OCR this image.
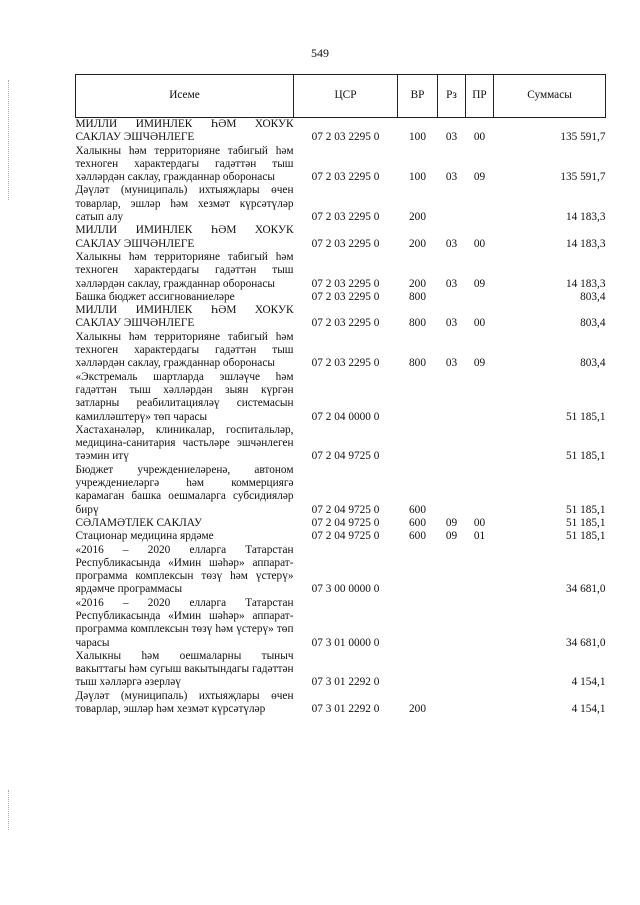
549
Исеме	ЦСР	ВР	Рз	ПР	Суммасы

МИЛЛИ ИМИНЛЕК ҺӘМ ХОКУК САКЛАУ ЭШЧӘНЛЕГЕ	07 2 03 2295 0	100	03	00	135 591,7

Халыкны һәм территорияне табигый һәм техноген характердагы гадәттән тыш хәлләрдән саклау, гражданнар оборонасы	07 2 03 2295 0	100	03	09	135 591,7

Дәүләт (муниципаль) ихтыяҗлары өчен товарлар, эшләр һәм хезмәт күрсәтүләр сатып алу	07 2 03 2295 0	200			14 183,3

МИЛЛИ ИМИНЛЕК ҺӘМ ХОКУК САКЛАУ ЭШЧӘНЛЕГЕ	07 2 03 2295 0	200	03	00	14 183,3

Халыкны һәм территорияне табигый һәм техноген характердагы гадәттән тыш хәлләрдән саклау, гражданнар оборонасы	07 2 03 2295 0	200	03	09	14 183,3

Башка бюджет ассигнованиеләре	07 2 03 2295 0	800			803,4

МИЛЛИ ИМИНЛЕК ҺӘМ ХОКУК САКЛАУ ЭШЧӘНЛЕГЕ	07 2 03 2295 0	800	03	00	803,4

Халыкны һәм территорияне табигый һәм техноген характердагы гадәттән тыш хәлләрдән саклау, гражданнар оборонасы	07 2 03 2295 0	800	03	09	803,4

«Экстремаль шартларда эшләүче һәм гадәттән тыш хәлләрдән зыян күргән затларны реабилитацияләү системасын камилләштерү» төп чарасы	07 2 04 0000 0				51 185,1

Хастаханәләр, клиникалар, госпитальләр, медицина-санитария частьләре эшчәнлеген тәэмин итү	07 2 04 9725 0				51 185,1

Бюджет учреждениеләренә, автоном учреждениеләргә һәм коммерциягә карамаган башка оешмаларга субсидияләр бирү	07 2 04 9725 0	600			51 185,1

СӘЛАМӘТЛЕК САКЛАУ	07 2 04 9725 0	600	09	00	51 185,1

Стационар медицина ярдәме	07 2 04 9725 0	600	09	01	51 185,1

«2016 – 2020 елларга Татарстан Республикасында «Имин шәһәр» аппарат-программа комплексын төзү һәм үстерү» ярдәмче программасы	07 3 00 0000 0				34 681,0

«2016 – 2020 елларга Татарстан Республикасында «Имин шәһәр» аппарат-программа комплексын төзү һәм үстерү» төп чарасы	07 3 01 0000 0				34 681,0

Халыкны һәм оешмаларны тыныч вакыттагы һәм сугыш вакытындагы гадәттән тыш хәлләргә әзерләү	07 3 01 2292 0				4 154,1

Дәүләт (муниципаль) ихтыяҗлары өчен товарлар, эшләр һәм хезмәт күрсәтүләр	07 3 01 2292 0	200			4 154,1
